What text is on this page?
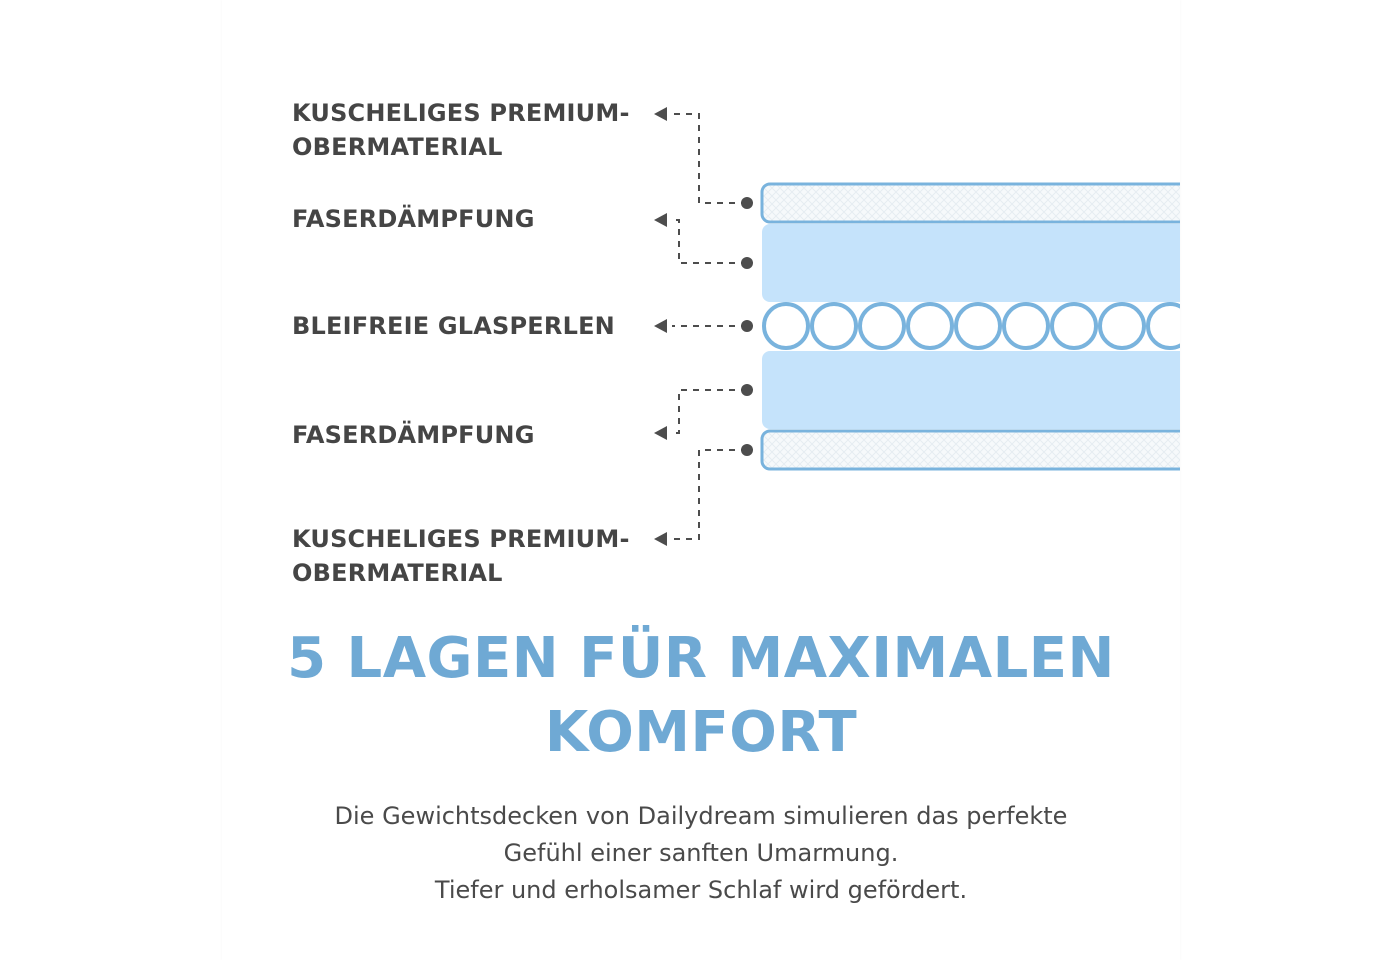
KUSCHELIGES PREMIUM-
OBERMATERIAL
FASERDÄMPFUNG
BLEIFREIE GLASPERLEN
FASERDÄMPFUNG
KUSCHELIGES PREMIUM-
OBERMATERIAL
5 LAGEN FÜR MAXIMALEN
KOMFORT
Die Gewichtsdecken von Dailydream simulieren das perfekte
Gefühl einer sanften Umarmung.
Tiefer und erholsamer Schlaf wird gefördert.
